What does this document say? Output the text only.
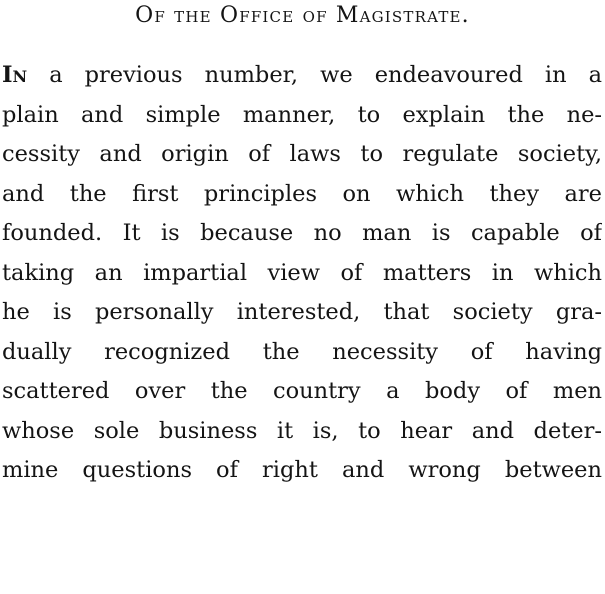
Of the Office of Magistrate.
In a previous number, we endeavoured in a
plain and simple manner, to explain the ne-
cessity and origin of laws to regulate society,
and the first principles on which they are
founded. It is because no man is capable of
taking an impartial view of matters in which
he is personally interested, that society gra-
dually recognized the necessity of having
scattered over the country a body of men
whose sole business it is, to hear and deter-
mine questions of right and wrong between
